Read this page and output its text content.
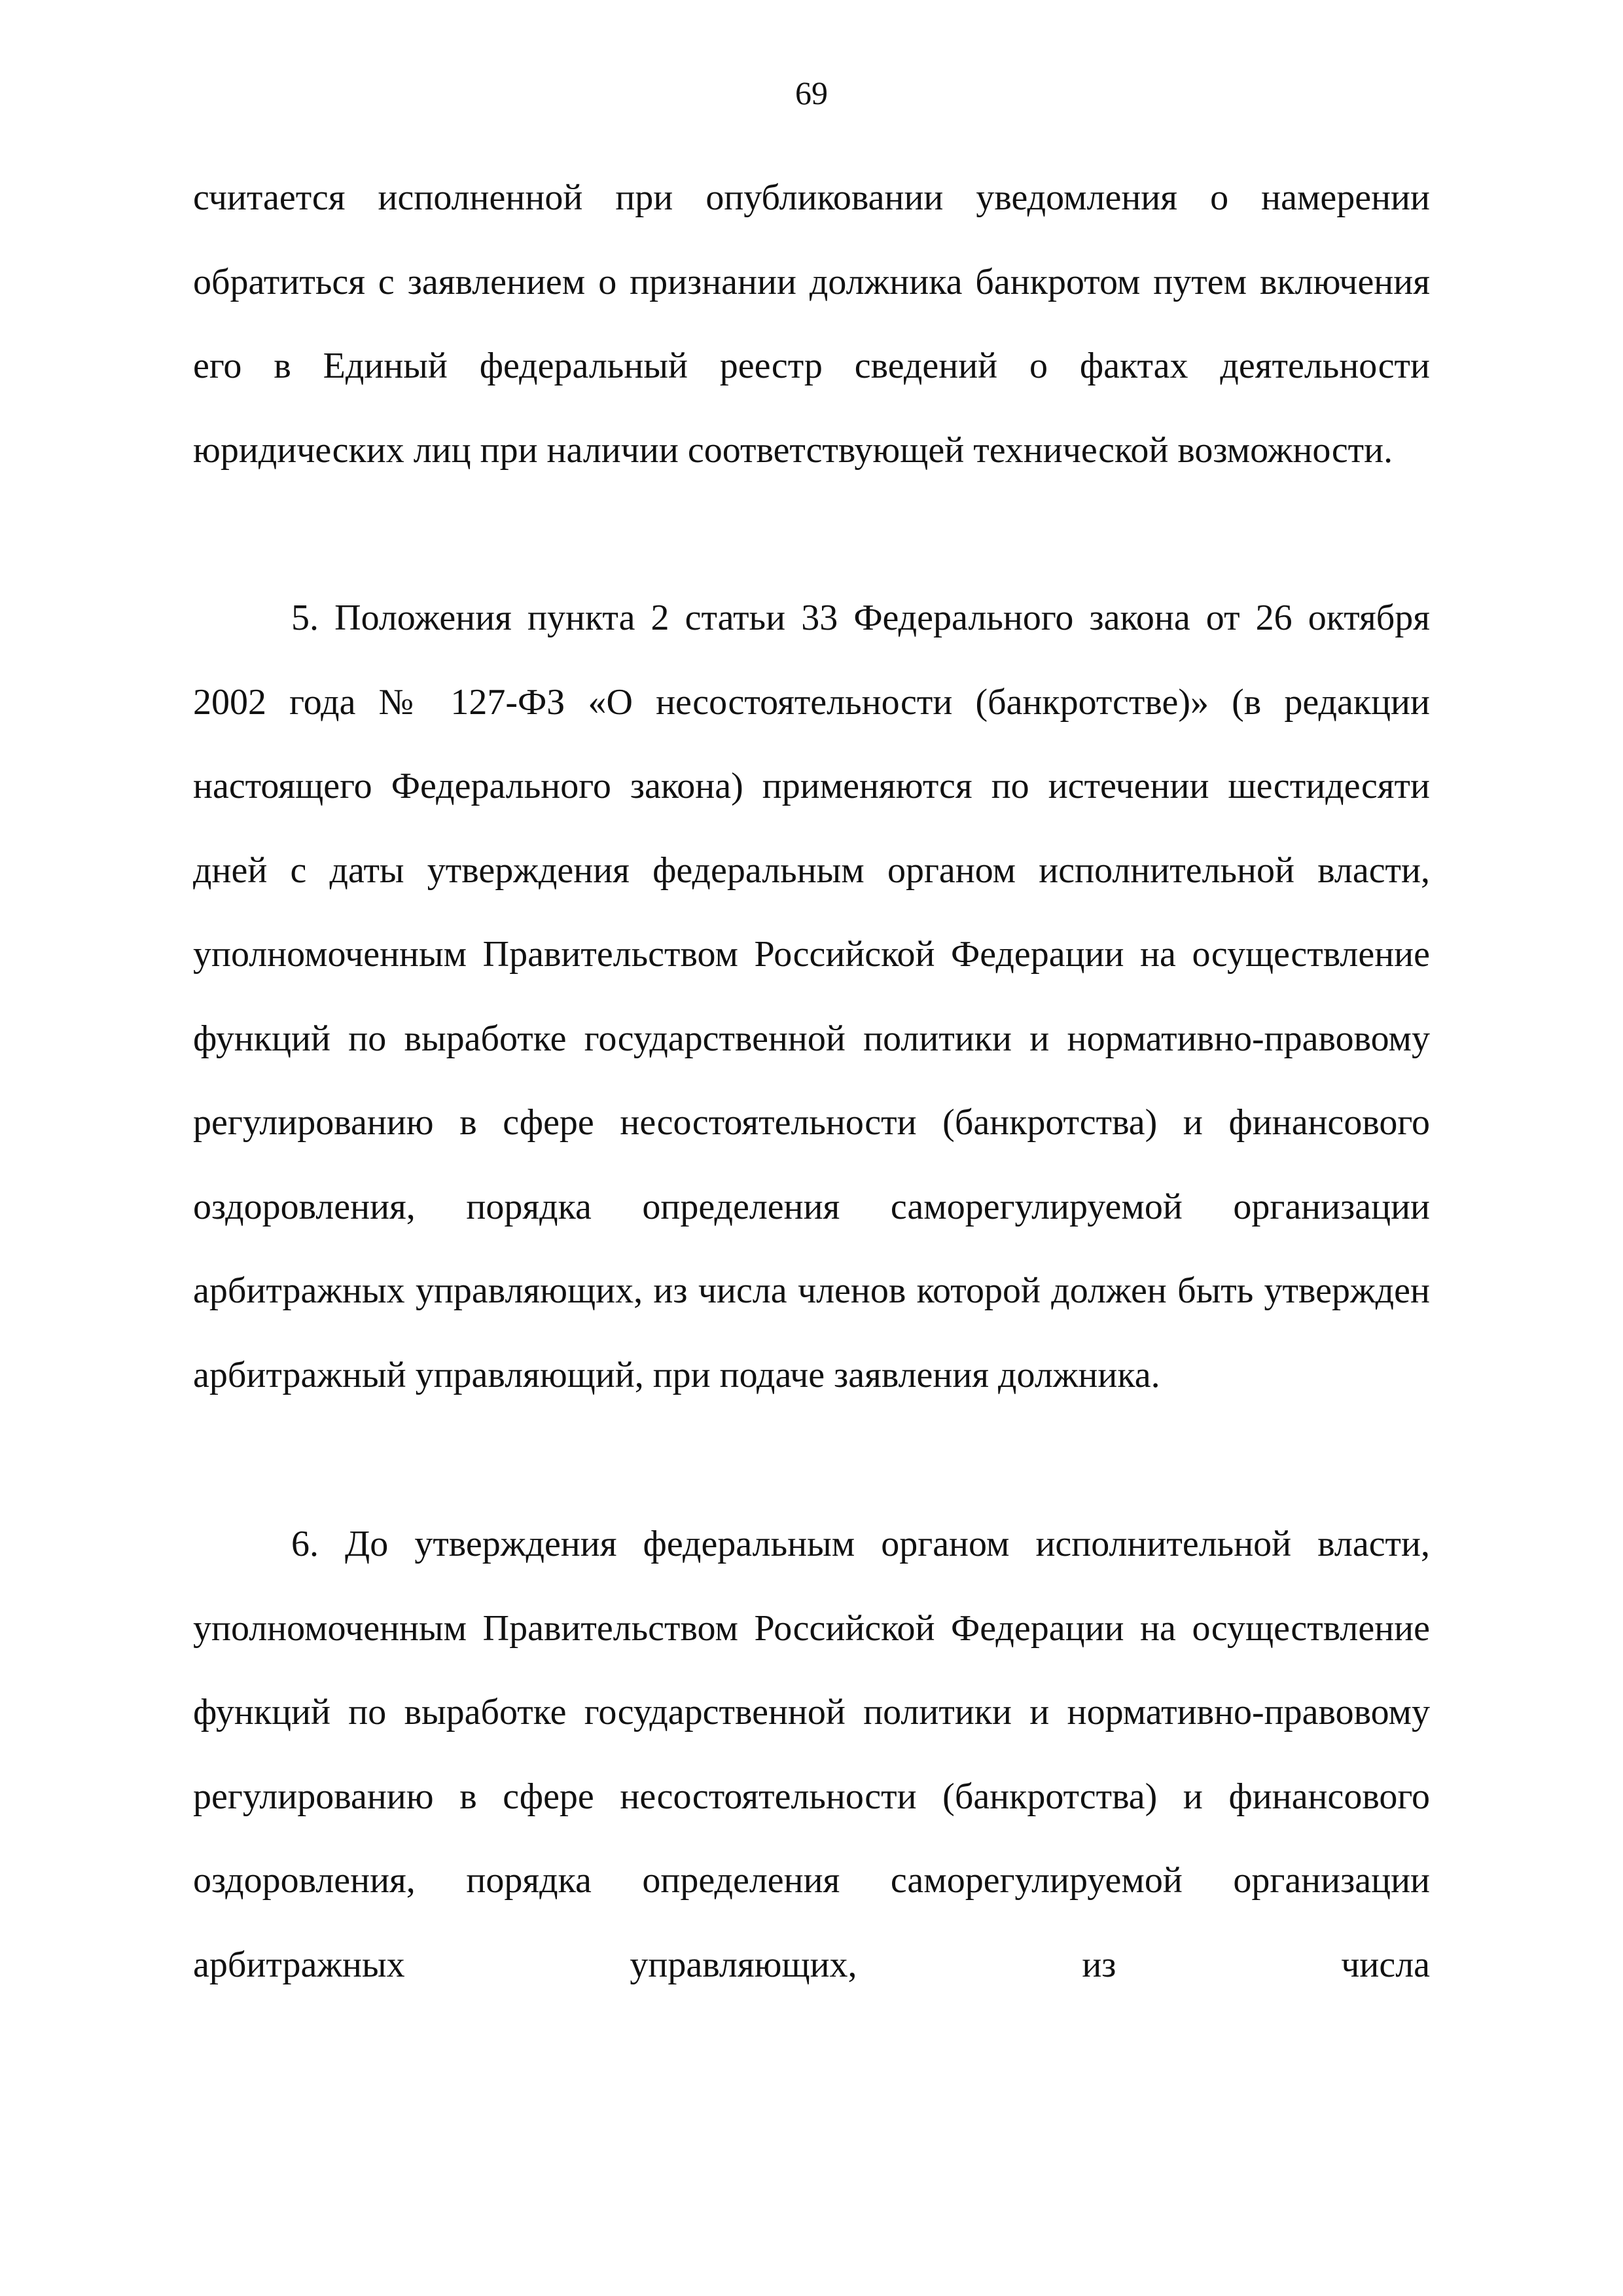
69

считается исполненной при опубликовании уведомления о намерении обратиться с заявлением о признании должника банкротом путем включения его в Единый федеральный реестр сведений о фактах деятельности юридических лиц при наличии соответствующей технической возможности.

5. Положения пункта 2 статьи 33 Федерального закона от 26 октября 2002 года № 127-ФЗ «О несостоятельности (банкротстве)» (в редакции настоящего Федерального закона) применяются по истечении шестидесяти дней с даты утверждения федеральным органом исполнительной власти, уполномоченным Правительством Российской Федерации на осуществление функций по выработке государственной политики и нормативно-правовому регулированию в сфере несостоятельности (банкротства) и финансового оздоровления, порядка определения саморегулируемой организации арбитражных управляющих, из числа членов которой должен быть утвержден арбитражный управляющий, при подаче заявления должника.

6. До утверждения федеральным органом исполнительной власти, уполномоченным Правительством Российской Федерации на осуществление функций по выработке государственной политики и нормативно-правовому регулированию в сфере несостоятельности (банкротства) и финансового оздоровления, порядка определения саморегулируемой организации арбитражных управляющих, из числа
